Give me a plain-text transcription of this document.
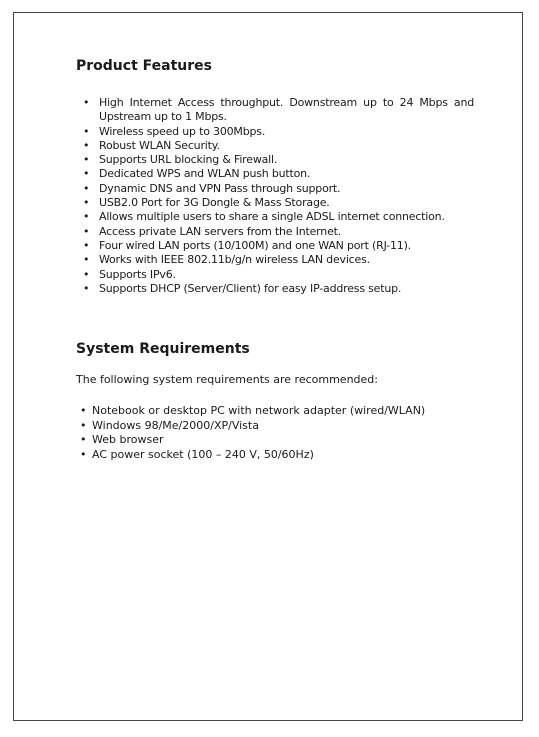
Product Features
• High Internet Access throughput. Downstream up to 24 Mbps and Upstream up to 1 Mbps.
• Wireless speed up to 300Mbps.
• Robust WLAN Security.
• Supports URL blocking & Firewall.
• Dedicated WPS and WLAN push button.
• Dynamic DNS and VPN Pass through support.
• USB2.0 Port for 3G Dongle & Mass Storage.
• Allows multiple users to share a single ADSL internet connection.
• Access private LAN servers from the Internet.
• Four wired LAN ports (10/100M) and one WAN port (RJ-11).
• Works with IEEE 802.11b/g/n wireless LAN devices.
• Supports IPv6.
• Supports DHCP (Server/Client) for easy IP-address setup.
System Requirements

The following system requirements are recommended:

• Notebook or desktop PC with network adapter (wired/WLAN)
• Windows 98/Me/2000/XP/Vista
• Web browser
• AC power socket (100 – 240 V, 50/60Hz)
